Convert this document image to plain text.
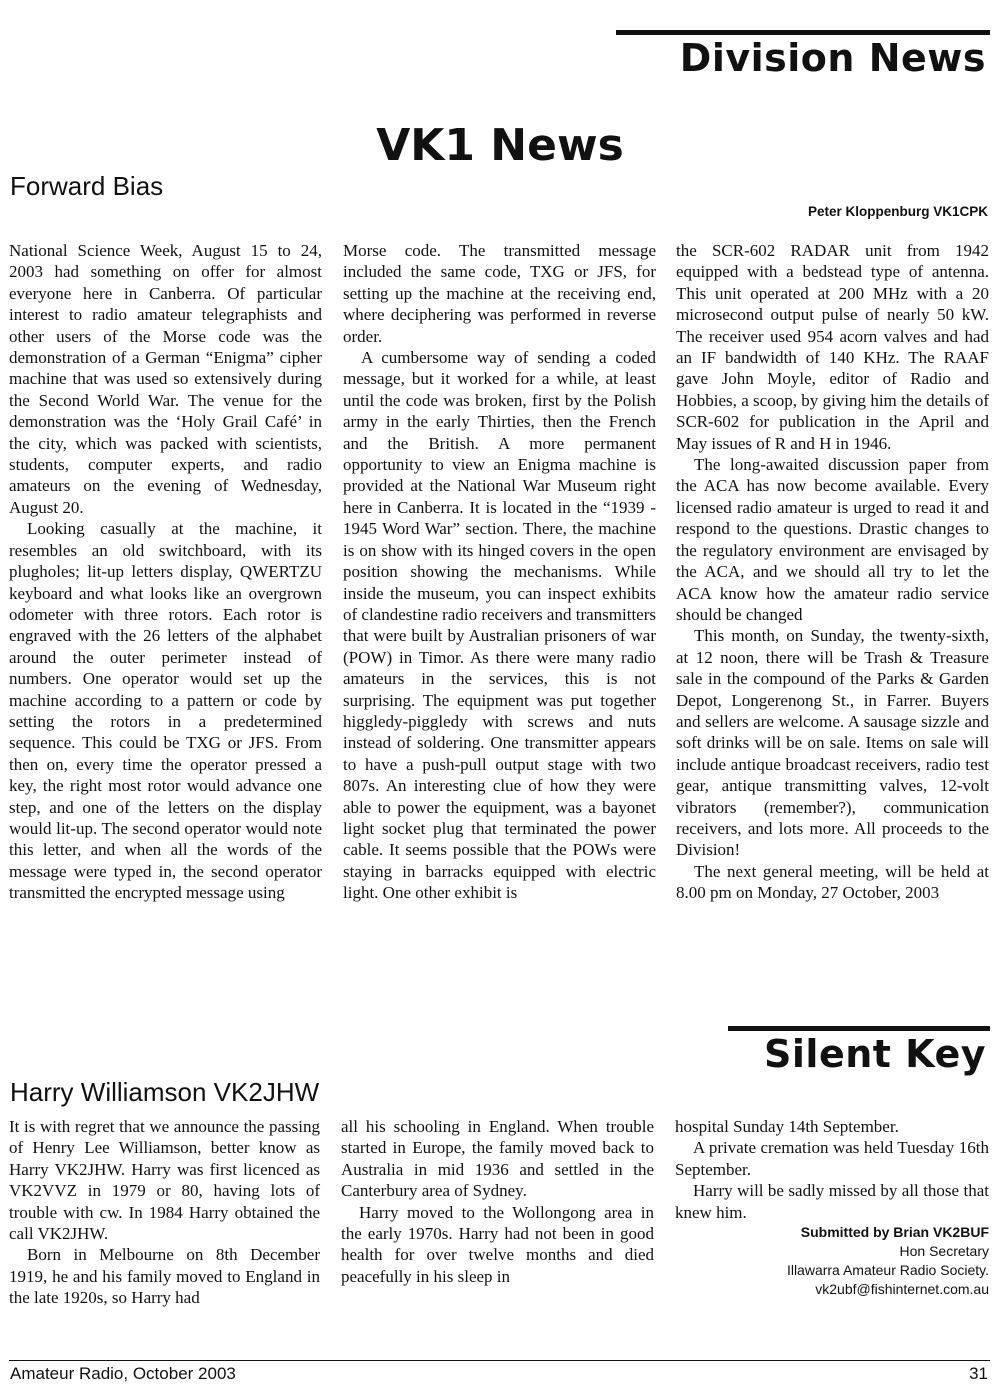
Division News
VK1 News
Forward Bias
Peter Kloppenburg VK1CPK

National Science Week, August 15 to 24, 2003 had something on offer for almost everyone here in Canberra. Of particular interest to radio amateur telegraphists and other users of the Morse code was the demonstration of a German “Enigma” cipher machine that was used so extensively during the Second World War. The venue for the demonstration was the ‘Holy Grail Café’ in the city, which was packed with scientists, students, computer experts, and radio amateurs on the evening of Wednesday, August 20.

Looking casually at the machine, it resembles an old switchboard, with its plugholes; lit-up letters display, QWERTZU keyboard and what looks like an overgrown odometer with three rotors. Each rotor is engraved with the 26 letters of the alphabet around the outer perimeter instead of numbers. One operator would set up the machine according to a pattern or code by setting the rotors in a predetermined sequence. This could be TXG or JFS. From then on, every time the operator pressed a key, the right most rotor would advance one step, and one of the letters on the display would lit-up. The second operator would note this letter, and when all the words of the message were typed in, the second operator transmitted the encrypted message using

Morse code. The transmitted message included the same code, TXG or JFS, for setting up the machine at the receiving end, where deciphering was performed in reverse order.

A cumbersome way of sending a coded message, but it worked for a while, at least until the code was broken, first by the Polish army in the early Thirties, then the French and the British. A more permanent opportunity to view an Enigma machine is provided at the National War Museum right here in Canberra. It is located in the “1939 - 1945 Word War” section. There, the machine is on show with its hinged covers in the open position showing the mechanisms. While inside the museum, you can inspect exhibits of clandestine radio receivers and transmitters that were built by Australian prisoners of war (POW) in Timor. As there were many radio amateurs in the services, this is not surprising. The equipment was put together higgledy-piggledy with screws and nuts instead of soldering. One transmitter appears to have a push-pull output stage with two 807s. An interesting clue of how they were able to power the equipment, was a bayonet light socket plug that terminated the power cable. It seems possible that the POWs were staying in barracks equipped with electric light. One other exhibit is

the SCR-602 RADAR unit from 1942 equipped with a bedstead type of antenna. This unit operated at 200 MHz with a 20 microsecond output pulse of nearly 50 kW. The receiver used 954 acorn valves and had an IF bandwidth of 140 KHz. The RAAF gave John Moyle, editor of Radio and Hobbies, a scoop, by giving him the details of SCR-602 for publication in the April and May issues of R and H in 1946.

The long-awaited discussion paper from the ACA has now become available. Every licensed radio amateur is urged to read it and respond to the questions. Drastic changes to the regulatory environment are envisaged by the ACA, and we should all try to let the ACA know how the amateur radio service should be changed

This month, on Sunday, the twenty-sixth, at 12 noon, there will be Trash & Treasure sale in the compound of the Parks & Garden Depot, Longerenong St., in Farrer. Buyers and sellers are welcome. A sausage sizzle and soft drinks will be on sale. Items on sale will include antique broadcast receivers, radio test gear, antique transmitting valves, 12-volt vibrators (remember?), communication receivers, and lots more. All proceeds to the Division!

The next general meeting, will be held at 8.00 pm on Monday, 27 October, 2003

Silent Key
Harry Williamson VK2JHW

It is with regret that we announce the passing of Henry Lee Williamson, better know as Harry VK2JHW. Harry was first licenced as VK2VVZ in 1979 or 80, having lots of trouble with cw. In 1984 Harry obtained the call VK2JHW.

Born in Melbourne on 8th December 1919, he and his family moved to England in the late 1920s, so Harry had

all his schooling in England. When trouble started in Europe, the family moved back to Australia in mid 1936 and settled in the Canterbury area of Sydney.

Harry moved to the Wollongong area in the early 1970s. Harry had not been in good health for over twelve months and died peacefully in his sleep in

hospital Sunday 14th September.

A private cremation was held Tuesday 16th September.

Harry will be sadly missed by all those that knew him.

Submitted by Brian VK2BUF
Hon Secretary
Illawarra Amateur Radio Society.
vk2ubf@fishinternet.com.au
Amateur Radio, October 2003	31
